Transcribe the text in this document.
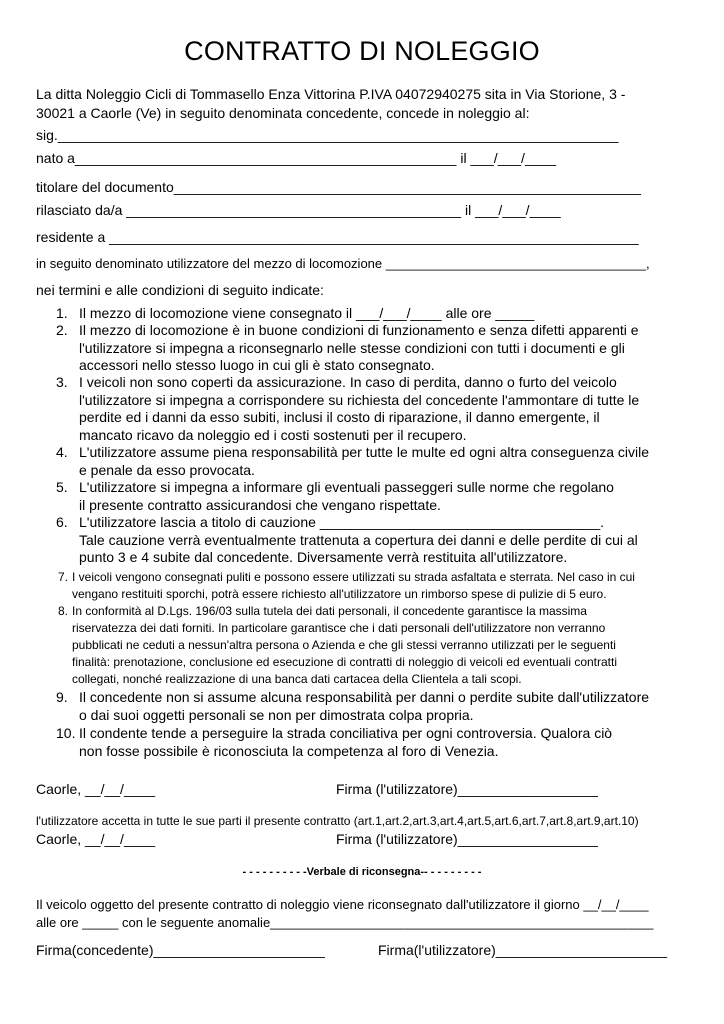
CONTRATTO DI NOLEGGIO
La ditta Noleggio Cicli di Tommasello Enza Vittorina P.IVA 04072940275 sita in Via Storione, 3 -
30021 a Caorle (Ve) in seguito denominata concedente, concede in noleggio al:
sig.________________________________________________________________________
nato a_________________________________________________ il ___/___/____
titolare del documento____________________________________________________________
rilasciato da/a ___________________________________________ il ___/___/____
residente a ____________________________________________________________________
in seguito denominato utilizzatore del mezzo di locomozione ____________________________________,
nei termini e alle condizioni di seguito indicate:
1. Il mezzo di locomozione viene consegnato il ___/___/____ alle ore _____
2. Il mezzo di locomozione è in buone condizioni di funzionamento e senza difetti apparenti e
l'utilizzatore si impegna a riconsegnarlo nelle stesse condizioni con tutti i documenti e gli
accessori nello stesso luogo in cui gli è stato consegnato.
3. I veicoli non sono coperti da assicurazione. In caso di perdita, danno o furto del veicolo
l'utilizzatore si impegna a corrispondere su richiesta del concedente l'ammontare di tutte le
perdite ed i danni da esso subiti, inclusi il costo di riparazione, il danno emergente, il
mancato ricavo da noleggio ed i costi sostenuti per il recupero.
4. L'utilizzatore assume piena responsabilità per tutte le multe ed ogni altra conseguenza civile
e penale da esso provocata.
5. L'utilizzatore si impegna a informare gli eventuali passeggeri sulle norme che regolano
il presente contratto assicurandosi che vengano rispettate.
6. L'utilizzatore lascia a titolo di cauzione ____________________________________.
Tale cauzione verrà eventualmente trattenuta a copertura dei danni e delle perdite di cui al
punto 3 e 4 subite dal concedente. Diversamente verrà restituita all'utilizzatore.
7. I veicoli vengono consegnati puliti e possono essere utilizzati su strada asfaltata e sterrata. Nel caso in cui
vengano restituiti sporchi, potrà essere richiesto all'utilizzatore un rimborso spese di pulizie di 5 euro.
8. In conformità al D.Lgs. 196/03 sulla tutela dei dati personali, il concedente garantisce la massima
riservatezza dei dati forniti. In particolare garantisce che i dati personali dell'utilizzatore non verranno
pubblicati ne ceduti a nessun'altra persona o Azienda e che gli stessi verranno utilizzati per le seguenti
finalità: prenotazione, conclusione ed esecuzione di contratti di noleggio di veicoli ed eventuali contratti
collegati, nonché realizzazione di una banca dati cartacea della Clientela a tali scopi.
9. Il concedente non si assume alcuna responsabilità per danni o perdite subite dall'utilizzatore
o dai suoi oggetti personali se non per dimostrata colpa propria.
10. Il condente tende a perseguire la strada conciliativa per ogni controversia. Qualora ciò
non fosse possibile è riconosciuta la competenza al foro di Venezia.
Caorle, __/__/____	Firma (l'utilizzatore)__________________
l'utilizzatore accetta in tutte le sue parti il presente contratto (art.1,art.2,art.3,art.4,art.5,art.6,art.7,art.8,art.9,art.10)
Caorle, __/__/____	Firma (l'utilizzatore)__________________
- - - - - - - - - -Verbale di riconsegna-- - - - - - - - -
Il veicolo oggetto del presente contratto di noleggio viene riconsegnato dall'utilizzatore il giorno __/__/____
alle ore _____ con le seguente anomalie_____________________________________________________
Firma(concedente)______________________	Firma(l'utilizzatore)______________________
